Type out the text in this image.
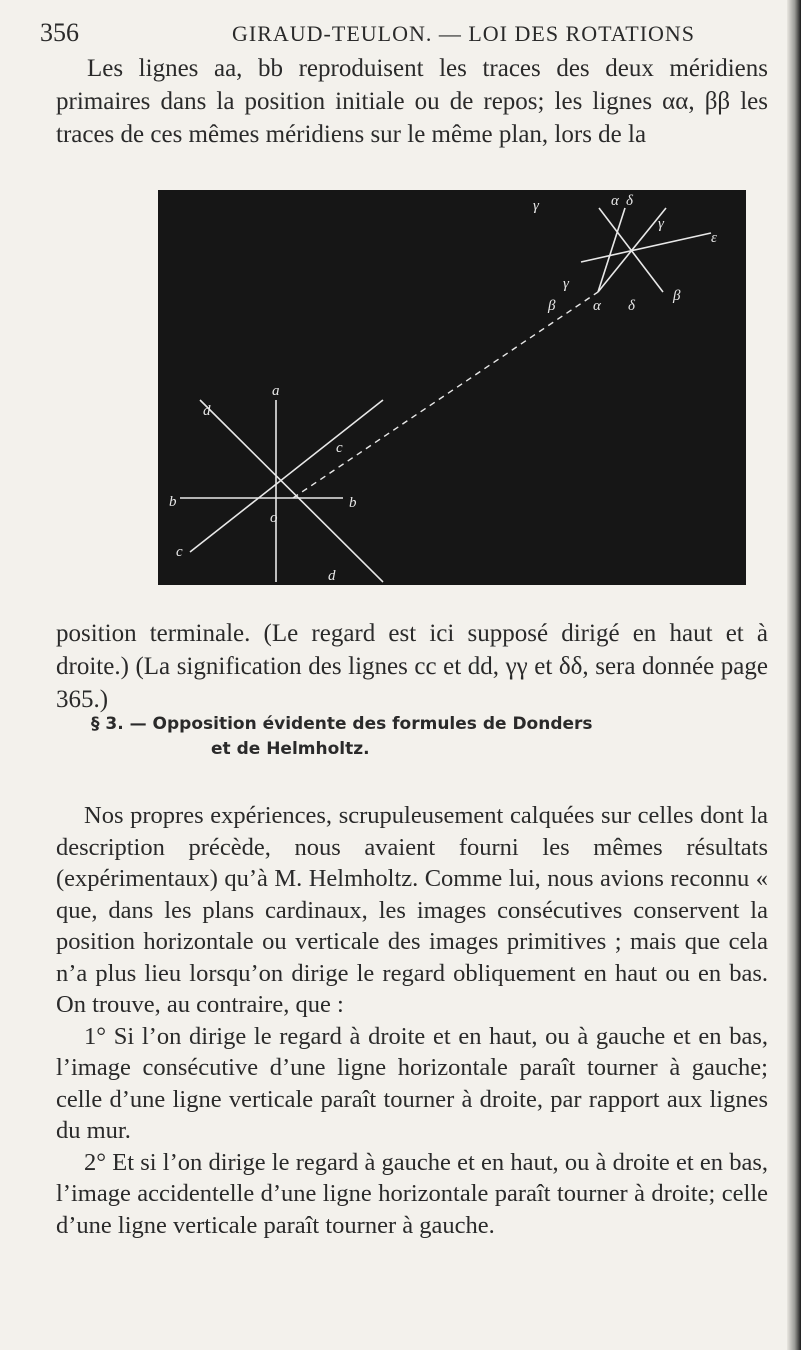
356	GIRAUD-TEULON. — LOI DES ROTATIONS

Les lignes aa, bb reproduisent les traces des deux méridiens primaires dans la position initiale ou de repos; les lignes αα, ββ les traces de ces mêmes méridiens sur le même plan, lors de la

a
d
b
c
c
o
b
d
β
γ	δ
α
γ
δ
α
β
ε
γ

position terminale. (Le regard est ici supposé dirigé en haut et à droite.) (La signification des lignes cc et dd, γγ et δδ, sera donnée page 365.)

§ 3. — Opposition évidente des formules de Donders
et de Helmholtz.

Nos propres expériences, scrupuleusement calquées sur celles dont la description précède, nous avaient fourni les mêmes résultats (expérimentaux) qu’à M. Helmholtz. Comme lui, nous avions reconnu « que, dans les plans cardinaux, les images consécutives conservent la position horizontale ou verticale des images primitives ; mais que cela n’a plus lieu lorsqu’on dirige le regard obliquement en haut ou en bas. On trouve, au contraire, que :

1° Si l’on dirige le regard à droite et en haut, ou à gauche et en bas, l’image consécutive d’une ligne horizontale paraît tourner à gauche; celle d’une ligne verticale paraît tourner à droite, par rapport aux lignes du mur.

2° Et si l’on dirige le regard à gauche et en haut, ou à droite et en bas, l’image accidentelle d’une ligne horizontale paraît tourner à droite; celle d’une ligne verticale paraît tourner à gauche.
